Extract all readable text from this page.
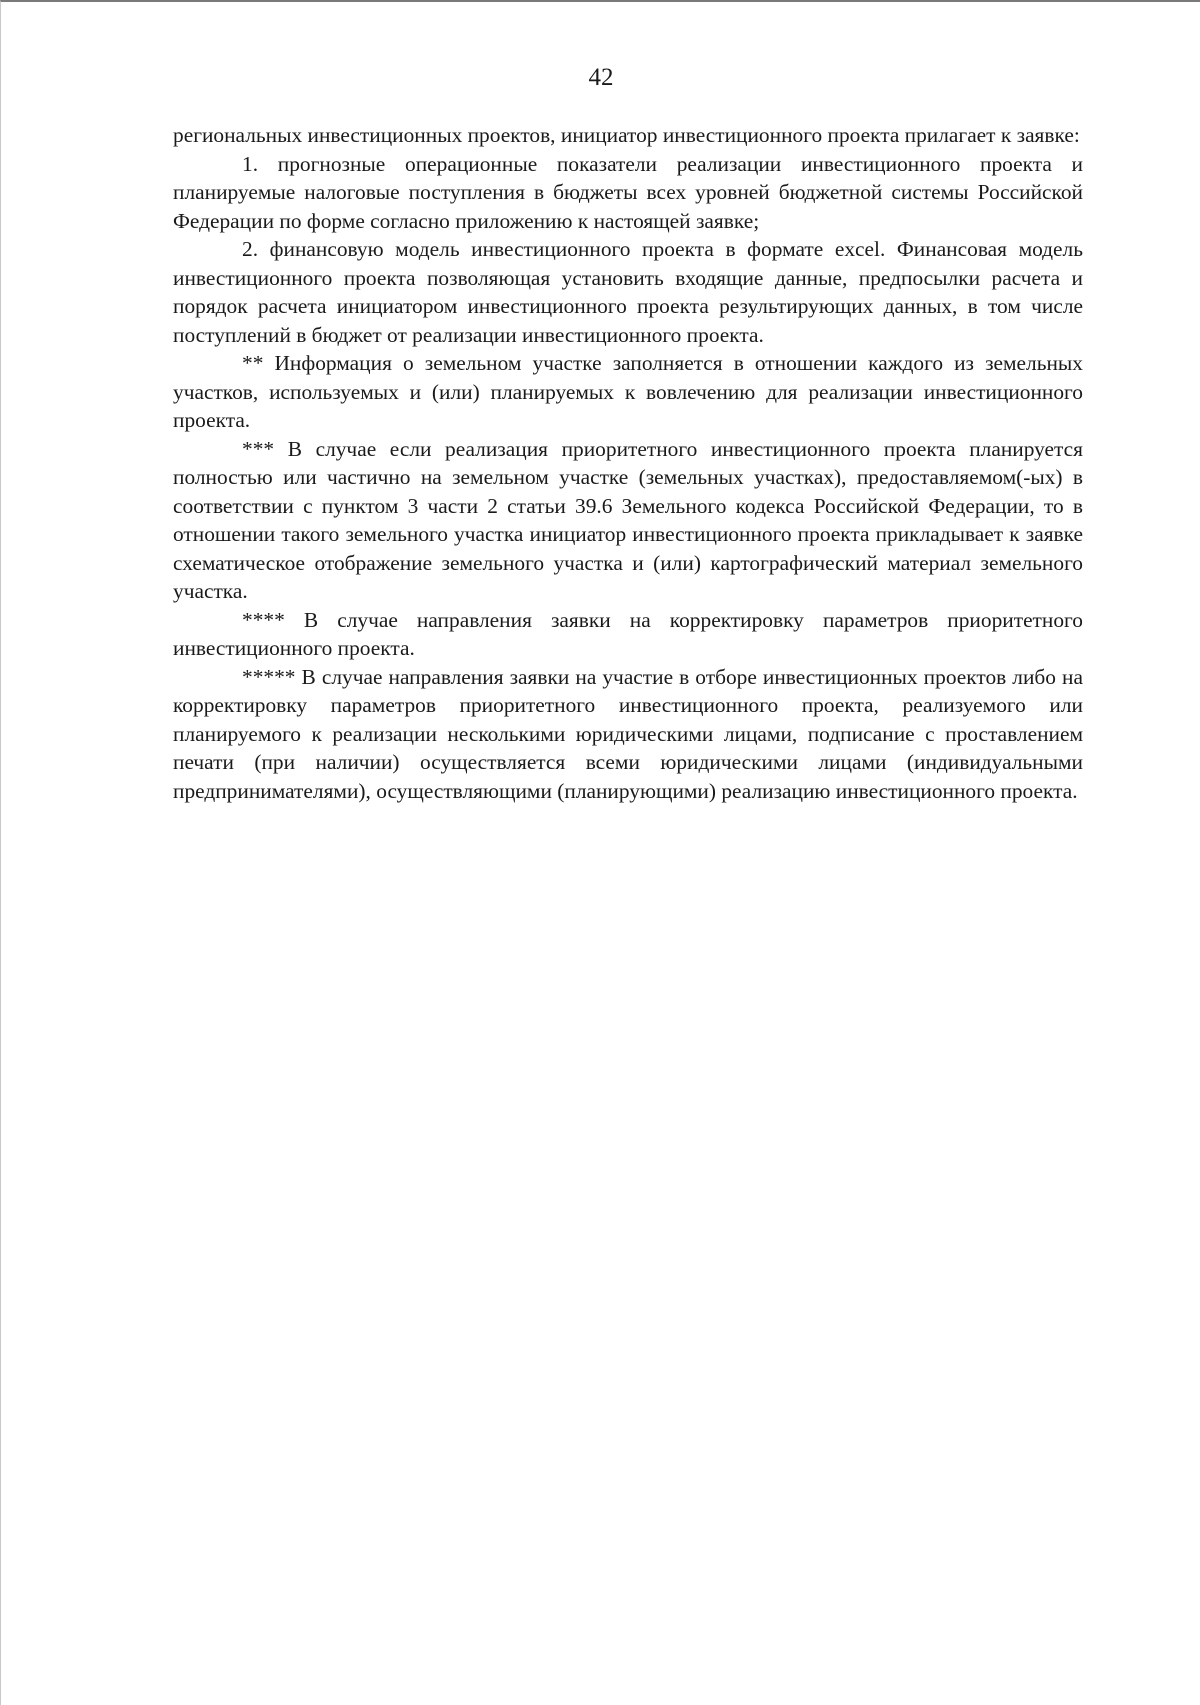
42

региональных инвестиционных проектов, инициатор инвестиционного проекта прилагает к заявке:

1. прогнозные операционные показатели реализации инвестиционного проекта и планируемые налоговые поступления в бюджеты всех уровней бюджетной системы Российской Федерации по форме согласно приложению к настоящей заявке;

2. финансовую модель инвестиционного проекта в формате excel. Финансовая модель инвестиционного проекта позволяющая установить входящие данные, предпосылки расчета и порядок расчета инициатором инвестиционного проекта результирующих данных, в том числе поступлений в бюджет от реализации инвестиционного проекта.

** Информация о земельном участке заполняется в отношении каждого из земельных участков, используемых и (или) планируемых к вовлечению для реализации инвестиционного проекта.

*** В случае если реализация приоритетного инвестиционного проекта планируется полностью или частично на земельном участке (земельных участках), предоставляемом(-ых) в соответствии с пунктом 3 части 2 статьи 39.6 Земельного кодекса Российской Федерации, то в отношении такого земельного участка инициатор инвестиционного проекта прикладывает к заявке схематическое отображение земельного участка и (или) картографический материал земельного участка.

**** В случае направления заявки на корректировку параметров приоритетного инвестиционного проекта.

***** В случае направления заявки на участие в отборе инвестиционных проектов либо на корректировку параметров приоритетного инвестиционного проекта, реализуемого или планируемого к реализации несколькими юридическими лицами, подписание с проставлением печати (при наличии) осуществляется всеми юридическими лицами (индивидуальными предпринимателями), осуществляющими (планирующими) реализацию инвестиционного проекта.
